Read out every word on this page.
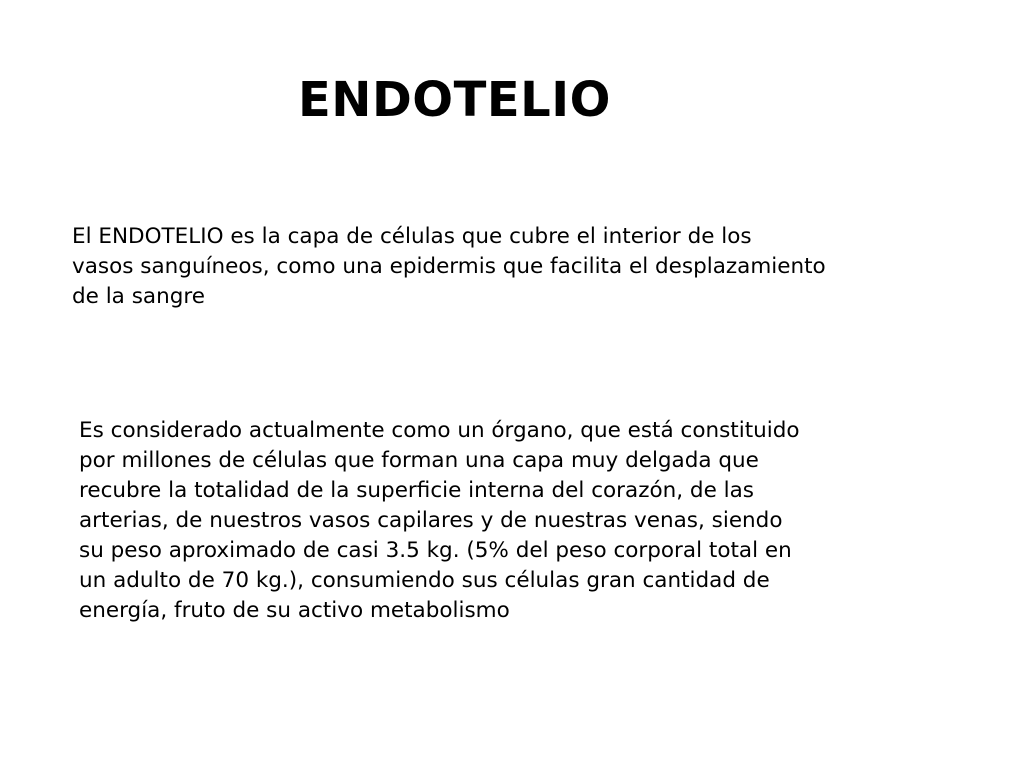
ENDOTELIO

El ENDOTELIO es la capa de células que cubre el interior de los
vasos sanguíneos, como una epidermis que facilita el desplazamiento
de la sangre

Es considerado actualmente como un órgano, que está constituido
por millones de células que forman una capa muy delgada que
recubre la totalidad de la superficie interna del corazón, de las
arterias, de nuestros vasos capilares y de nuestras venas, siendo
su peso aproximado de casi 3.5 kg. (5% del peso corporal total en
un adulto de 70 kg.), consumiendo sus células gran cantidad de
energía, fruto de su activo metabolismo
